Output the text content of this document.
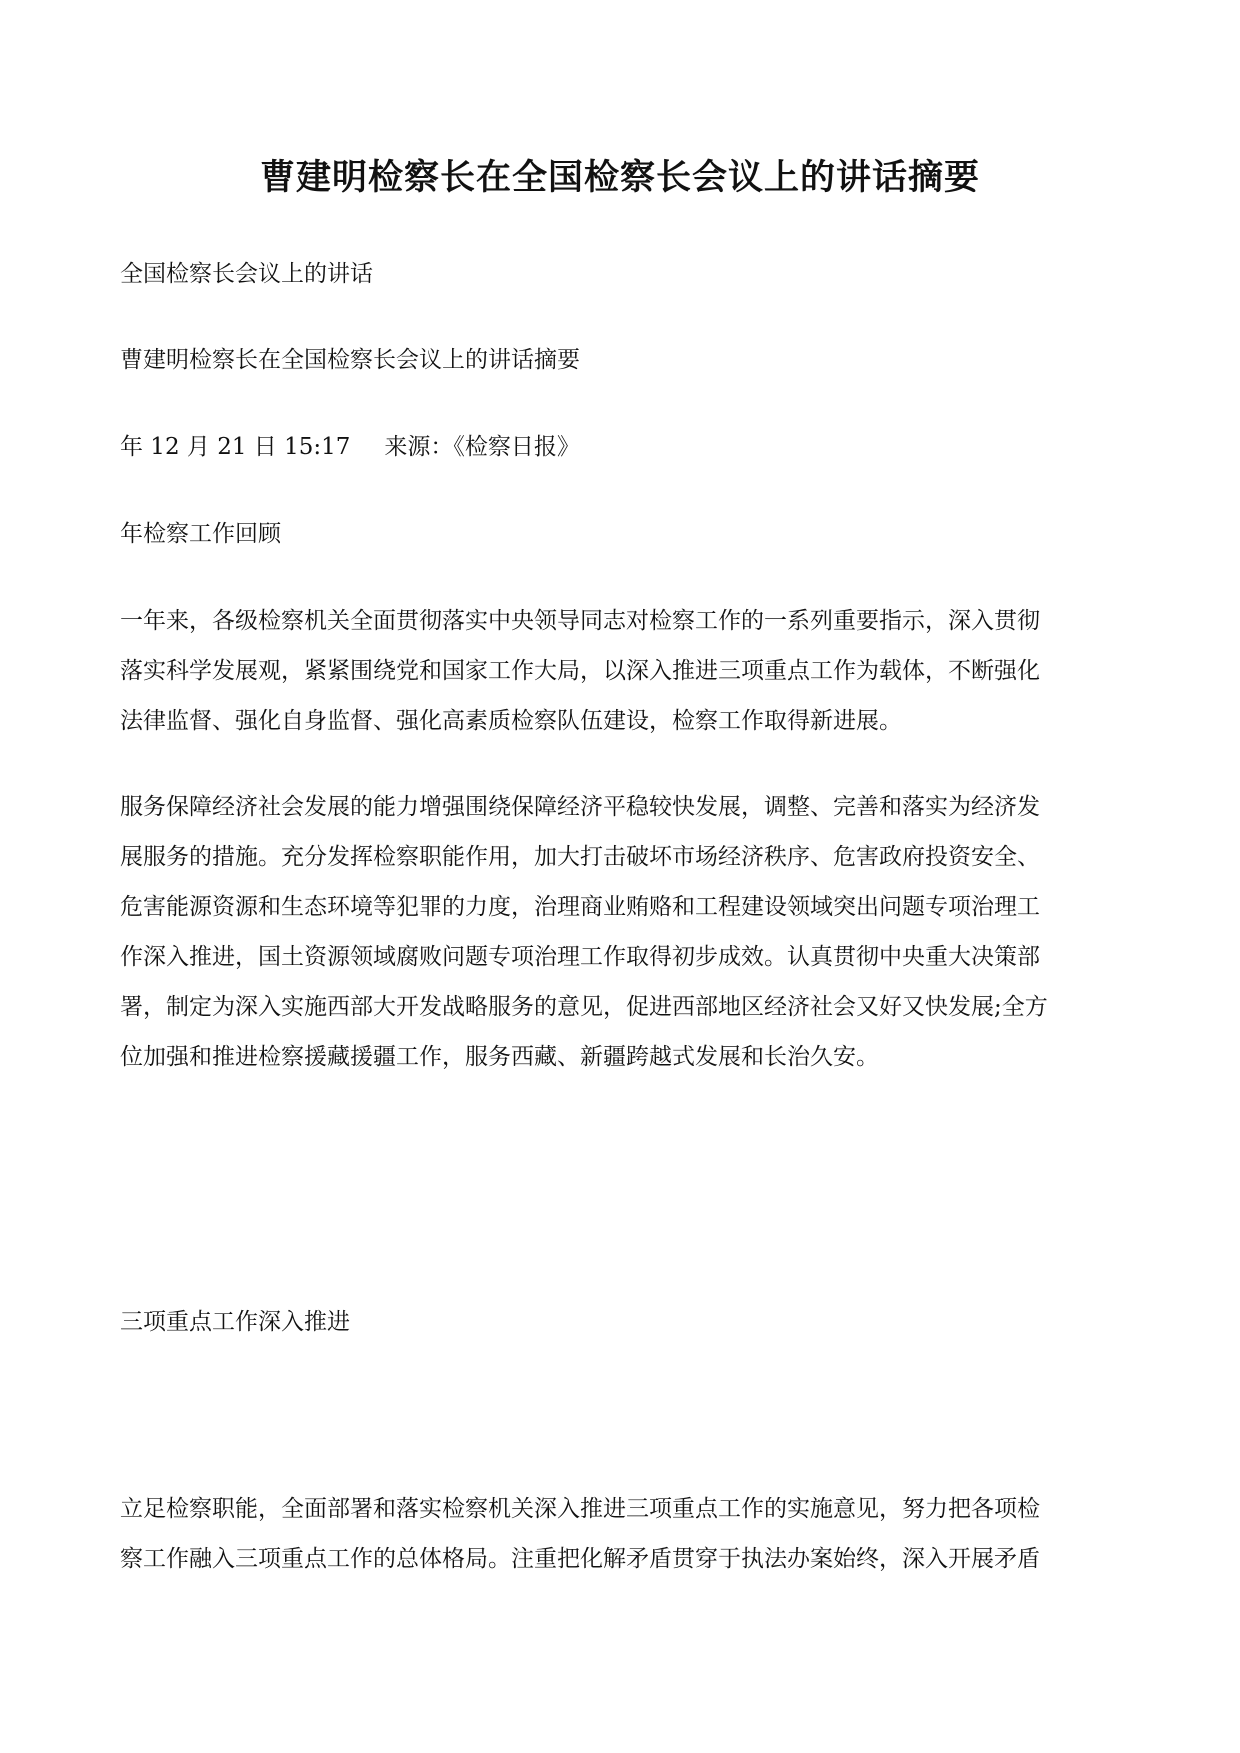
曹建明检察长在全国检察长会议上的讲话摘要
全国检察长会议上的讲话
曹建明检察长在全国检察长会议上的讲话摘要
年 12 月 21 日 15:17 来源：《检察日报》
年检察工作回顾
一年来，各级检察机关全面贯彻落实中央领导同志对检察工作的一系列重要指示，深入贯彻
落实科学发展观，紧紧围绕党和国家工作大局，以深入推进三项重点工作为载体，不断强化
法律监督、强化自身监督、强化高素质检察队伍建设，检察工作取得新进展。
服务保障经济社会发展的能力增强围绕保障经济平稳较快发展，调整、完善和落实为经济发
展服务的措施。充分发挥检察职能作用，加大打击破坏市场经济秩序、危害政府投资安全、
危害能源资源和生态环境等犯罪的力度，治理商业贿赂和工程建设领域突出问题专项治理工
作深入推进，国土资源领域腐败问题专项治理工作取得初步成效。认真贯彻中央重大决策部
署，制定为深入实施西部大开发战略服务的意见，促进西部地区经济社会又好又快发展;全方
位加强和推进检察援藏援疆工作，服务西藏、新疆跨越式发展和长治久安。
三项重点工作深入推进
立足检察职能，全面部署和落实检察机关深入推进三项重点工作的实施意见，努力把各项检
察工作融入三项重点工作的总体格局。注重把化解矛盾贯穿于执法办案始终，深入开展矛盾
